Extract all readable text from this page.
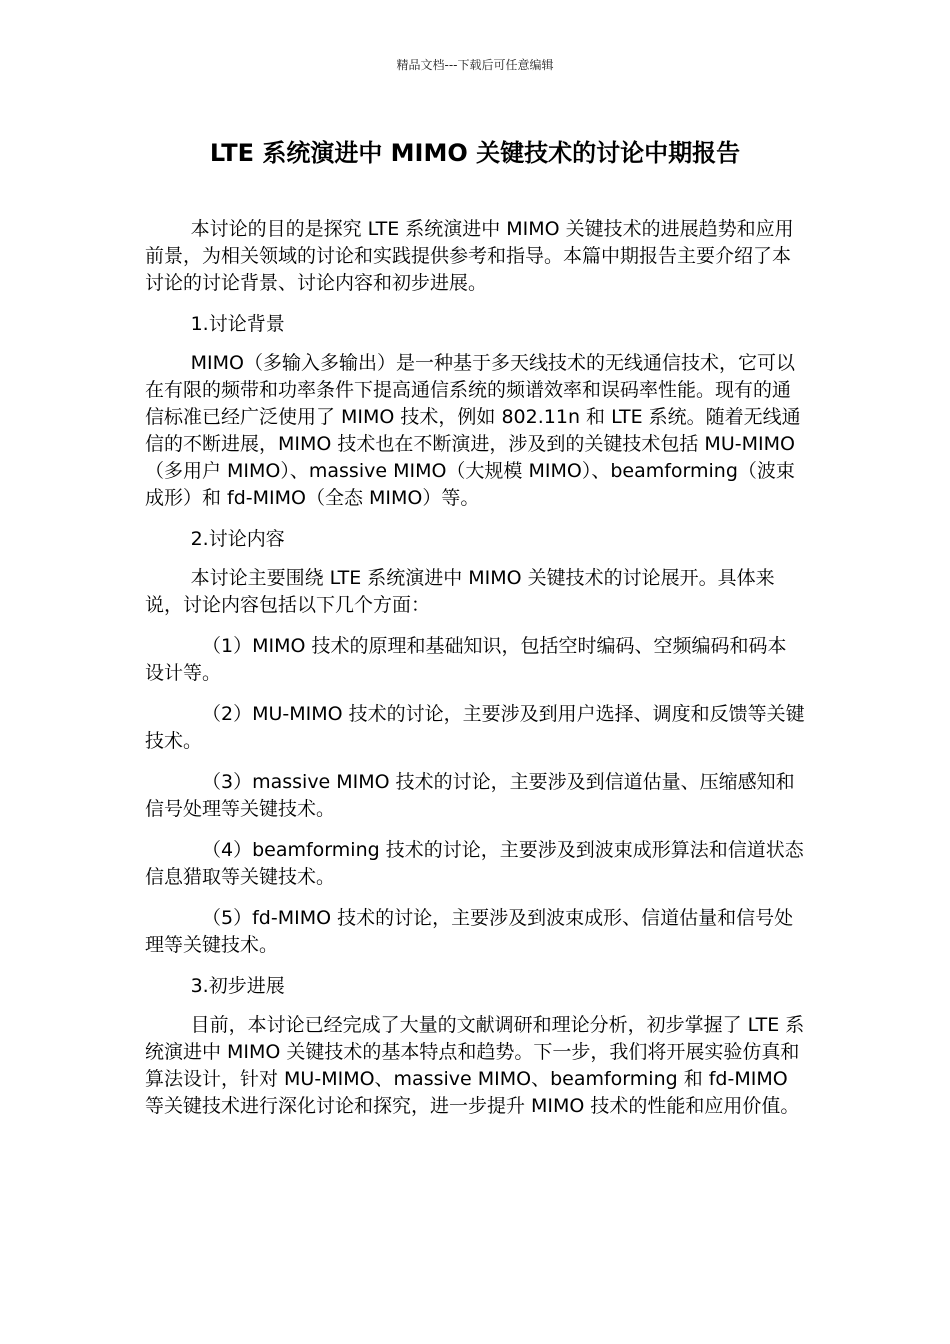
精品文档---下载后可任意编辑
LTE 系统演进中 MIMO 关键技术的讨论中期报告

本讨论的目的是探究 LTE 系统演进中 MIMO 关键技术的进展趋势和应用前景，为相关领域的讨论和实践提供参考和指导。本篇中期报告主要介绍了本讨论的讨论背景、讨论内容和初步进展。

1.讨论背景

MIMO（多输入多输出）是一种基于多天线技术的无线通信技术，它可以在有限的频带和功率条件下提高通信系统的频谱效率和误码率性能。现有的通信标准已经广泛使用了 MIMO 技术，例如 802.11n 和 LTE 系统。随着无线通信的不断进展，MIMO 技术也在不断演进，涉及到的关键技术包括 MU-MIMO（多用户 MIMO）、massive MIMO（大规模 MIMO）、beamforming（波束成形）和 fd-MIMO（全态 MIMO）等。

2.讨论内容

本讨论主要围绕 LTE 系统演进中 MIMO 关键技术的讨论展开。具体来说，讨论内容包括以下几个方面：

（1）MIMO 技术的原理和基础知识，包括空时编码、空频编码和码本设计等。

（2）MU-MIMO 技术的讨论，主要涉及到用户选择、调度和反馈等关键技术。

（3）massive MIMO 技术的讨论，主要涉及到信道估量、压缩感知和信号处理等关键技术。

（4）beamforming 技术的讨论，主要涉及到波束成形算法和信道状态信息猎取等关键技术。

（5）fd-MIMO 技术的讨论，主要涉及到波束成形、信道估量和信号处理等关键技术。

3.初步进展

目前，本讨论已经完成了大量的文献调研和理论分析，初步掌握了 LTE 系统演进中 MIMO 关键技术的基本特点和趋势。下一步，我们将开展实验仿真和算法设计，针对 MU-MIMO、massive MIMO、beamforming 和 fd-MIMO 等关键技术进行深化讨论和探究，进一步提升 MIMO 技术的性能和应用价值。
